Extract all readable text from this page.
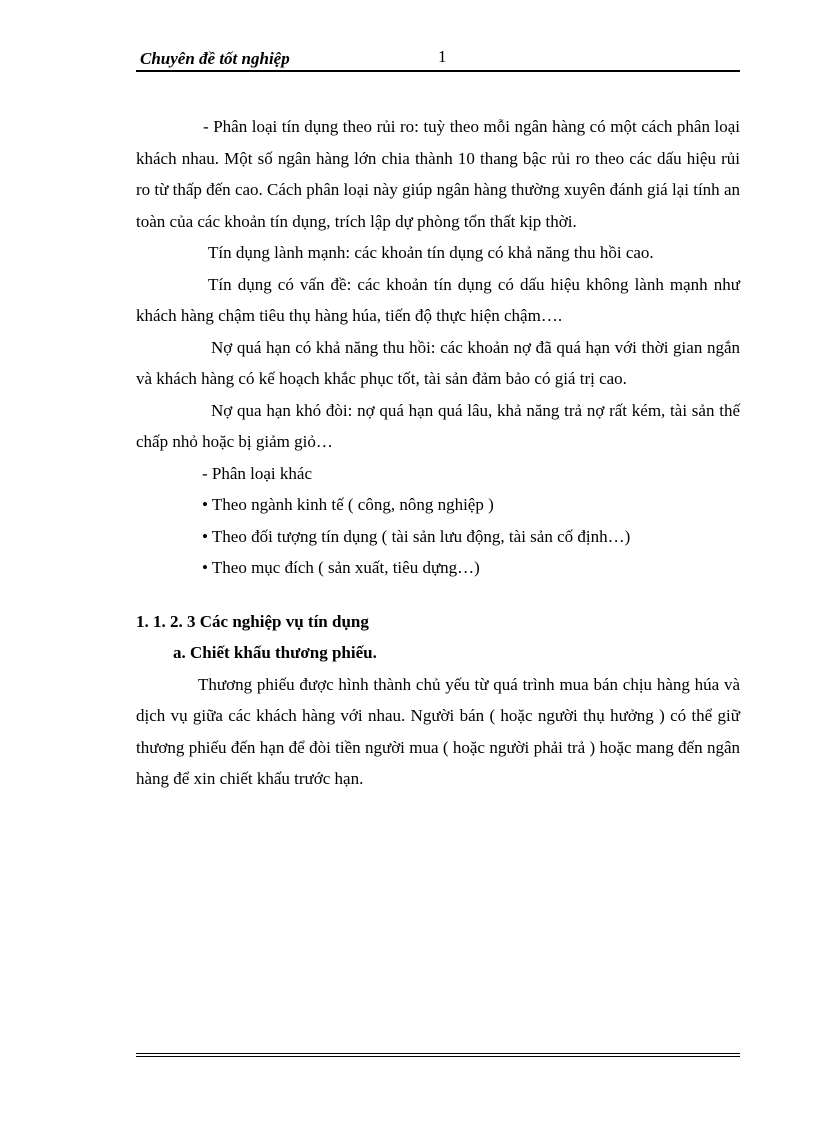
Chuyên đề tốt nghiệp	1

- Phân loại tín dụng theo rủi ro: tuỳ theo mỗi ngân hàng có một cách phân loại khách nhau. Một số ngân hàng lớn chia thành 10 thang bậc rủi ro theo các dấu hiệu rủi ro từ thấp đến cao. Cách phân loại này giúp ngân hàng thường xuyên đánh giá lại tính an toàn của các khoản tín dụng, trích lập dự phòng tổn thất kịp thời.

Tín dụng lành mạnh: các khoản tín dụng có khả năng thu hồi cao.

Tín dụng có vấn đề: các khoản tín dụng có dấu hiệu không lành mạnh như khách hàng chậm tiêu thụ hàng húa, tiến độ thực hiện chậm….

Nợ quá hạn có khả năng thu hồi: các khoản nợ đã quá hạn với thời gian ngắn và khách hàng có kế hoạch khắc phục tốt, tài sản đảm bảo có giá trị cao.

Nợ qua hạn khó đòi: nợ quá hạn quá lâu, khả năng trả nợ rất kém, tài sản thế chấp nhỏ hoặc bị giảm giỏ…

- Phân loại khác

• Theo ngành kinh tế ( công, nông nghiệp )

• Theo đối tượng tín dụng ( tài sản lưu động, tài sản cố định…)

• Theo mục đích ( sản xuất, tiêu dựng…)

1. 1. 2. 3 Các nghiệp vụ tín dụng

a. Chiết khấu thương phiếu.

Thương phiếu được hình thành chủ yếu từ quá trình mua bán chịu hàng húa và dịch vụ giữa các khách hàng với nhau. Người bán ( hoặc người thụ hưởng ) có thể giữ thương phiếu đến hạn để đòi tiền người mua ( hoặc người phải trả ) hoặc mang đến ngân hàng để xin chiết khấu trước hạn.
